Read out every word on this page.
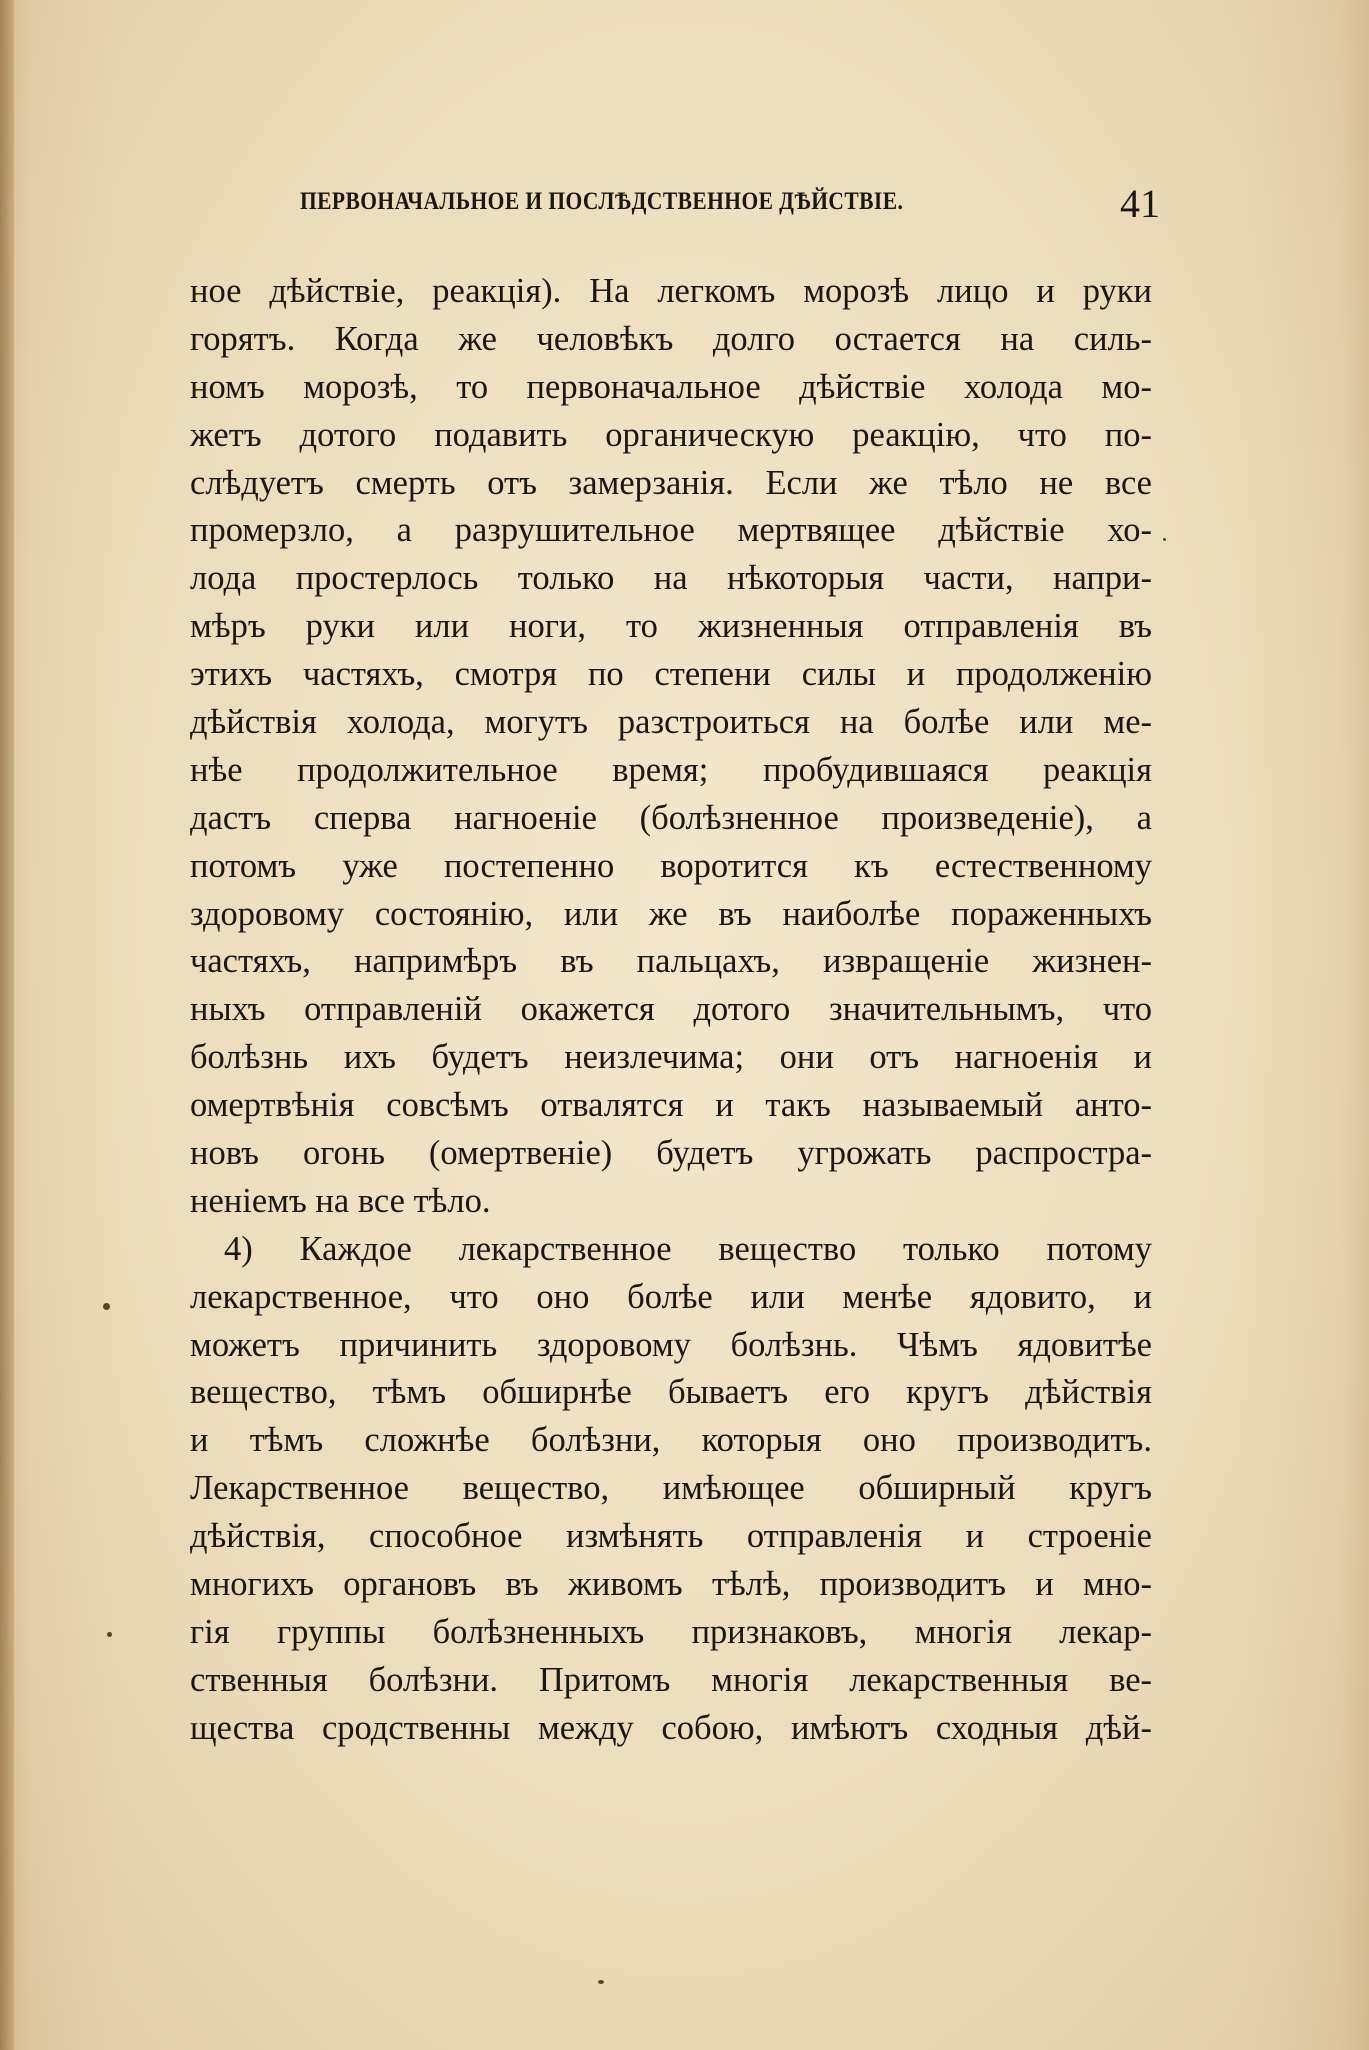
ПЕРВОНАЧАЛЬНОЕ И ПОСЛѢДСТВЕННОЕ ДѢЙСТВІЕ.	41
ное дѣйствіе, реакція). На легкомъ морозѣ лицо и руки
горятъ. Когда же человѣкъ долго остается на силь-
номъ морозѣ, то первоначальное дѣйствіе холода мо-
жетъ дотого подавить органическую реакцію, что по-
слѣдуетъ смерть отъ замерзанія. Если же тѣло не все
промерзло, а разрушительное мертвящее дѣйствіе хо-
лода простерлось только на нѣкоторыя части, напри-
мѣръ руки или ноги, то жизненныя отправленія въ
этихъ частяхъ, смотря по степени силы и продолженію
дѣйствія холода, могутъ разстроиться на болѣе или ме-
нѣе продолжительное время; пробудившаяся реакція
дастъ сперва нагноеніе (болѣзненное произведеніе), а
потомъ уже постепенно воротится къ естественному
здоровому состоянію, или же въ наиболѣе пораженныхъ
частяхъ, напримѣръ въ пальцахъ, извращеніе жизнен-
ныхъ отправленій окажется дотого значительнымъ, что
болѣзнь ихъ будетъ неизлечима; они отъ нагноенія и
омертвѣнія совсѣмъ отвалятся и такъ называемый анто-
новъ огонь (омертвеніе) будетъ угрожать распростра-
неніемъ на все тѣло.
4) Каждое лекарственное вещество только потому
лекарственное, что оно болѣе или менѣе ядовито, и
можетъ причинить здоровому болѣзнь. Чѣмъ ядовитѣе
вещество, тѣмъ обширнѣе бываетъ его кругъ дѣйствія
и тѣмъ сложнѣе болѣзни, которыя оно производитъ.
Лекарственное вещество, имѣющее обширный кругъ
дѣйствія, способное измѣнять отправленія и строеніе
многихъ органовъ въ живомъ тѣлѣ, производитъ и мно-
гія группы болѣзненныхъ признаковъ, многія лекар-
ственныя болѣзни. Притомъ многія лекарственныя ве-
щества сродственны между собою, имѣютъ сходныя дѣй-
